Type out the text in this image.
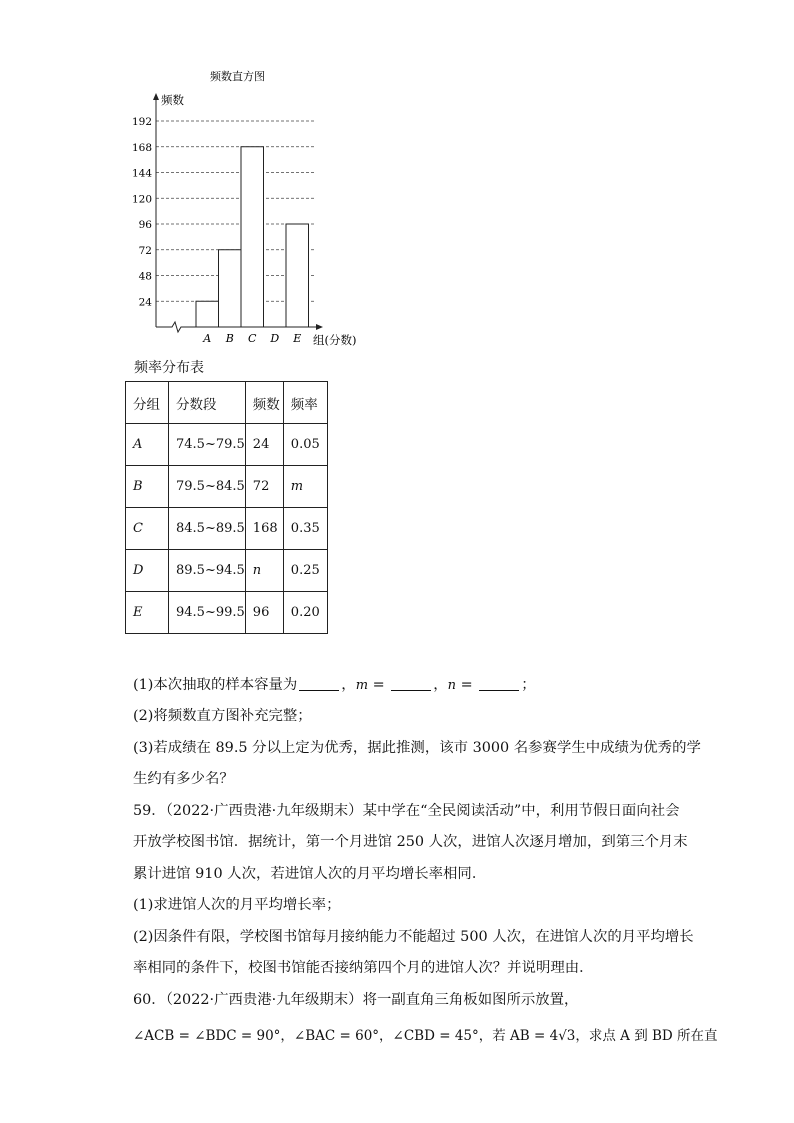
频数直方图
频数
组(分数)
24
48
72
96
120
144
168
192
A B C D E
频率分布表
分组	分数段	频数	频率
A	74.5~79.5	24	0.05
B	79.5~84.5	72	m
C	84.5~89.5	168	0.35
D	89.5~94.5	n	0.25
E	94.5~99.5	96	0.20
(1)本次抽取的样本容量为	，m =	，n =	；
(2)将频数直方图补充完整；
(3)若成绩在 89.5 分以上定为优秀，据此推测，该市 3000 名参赛学生中成绩为优秀的学
生约有多少名？
59．（2022·广西贵港·九年级期末）某中学在“全民阅读活动”中，利用节假日面向社会
开放学校图书馆．据统计，第一个月进馆 250 人次，进馆人次逐月增加，到第三个月末
累计进馆 910 人次，若进馆人次的月平均增长率相同．
(1)求进馆人次的月平均增长率；
(2)因条件有限，学校图书馆每月接纳能力不能超过 500 人次，在进馆人次的月平均增长
率相同的条件下，校图书馆能否接纳第四个月的进馆人次？并说明理由．
60．（2022·广西贵港·九年级期末）将一副直角三角板如图所示放置，
∠ACB = ∠BDC = 90°，∠BAC = 60°，∠CBD = 45°，若 AB = 4√3，求点 A 到 BD 所在直
